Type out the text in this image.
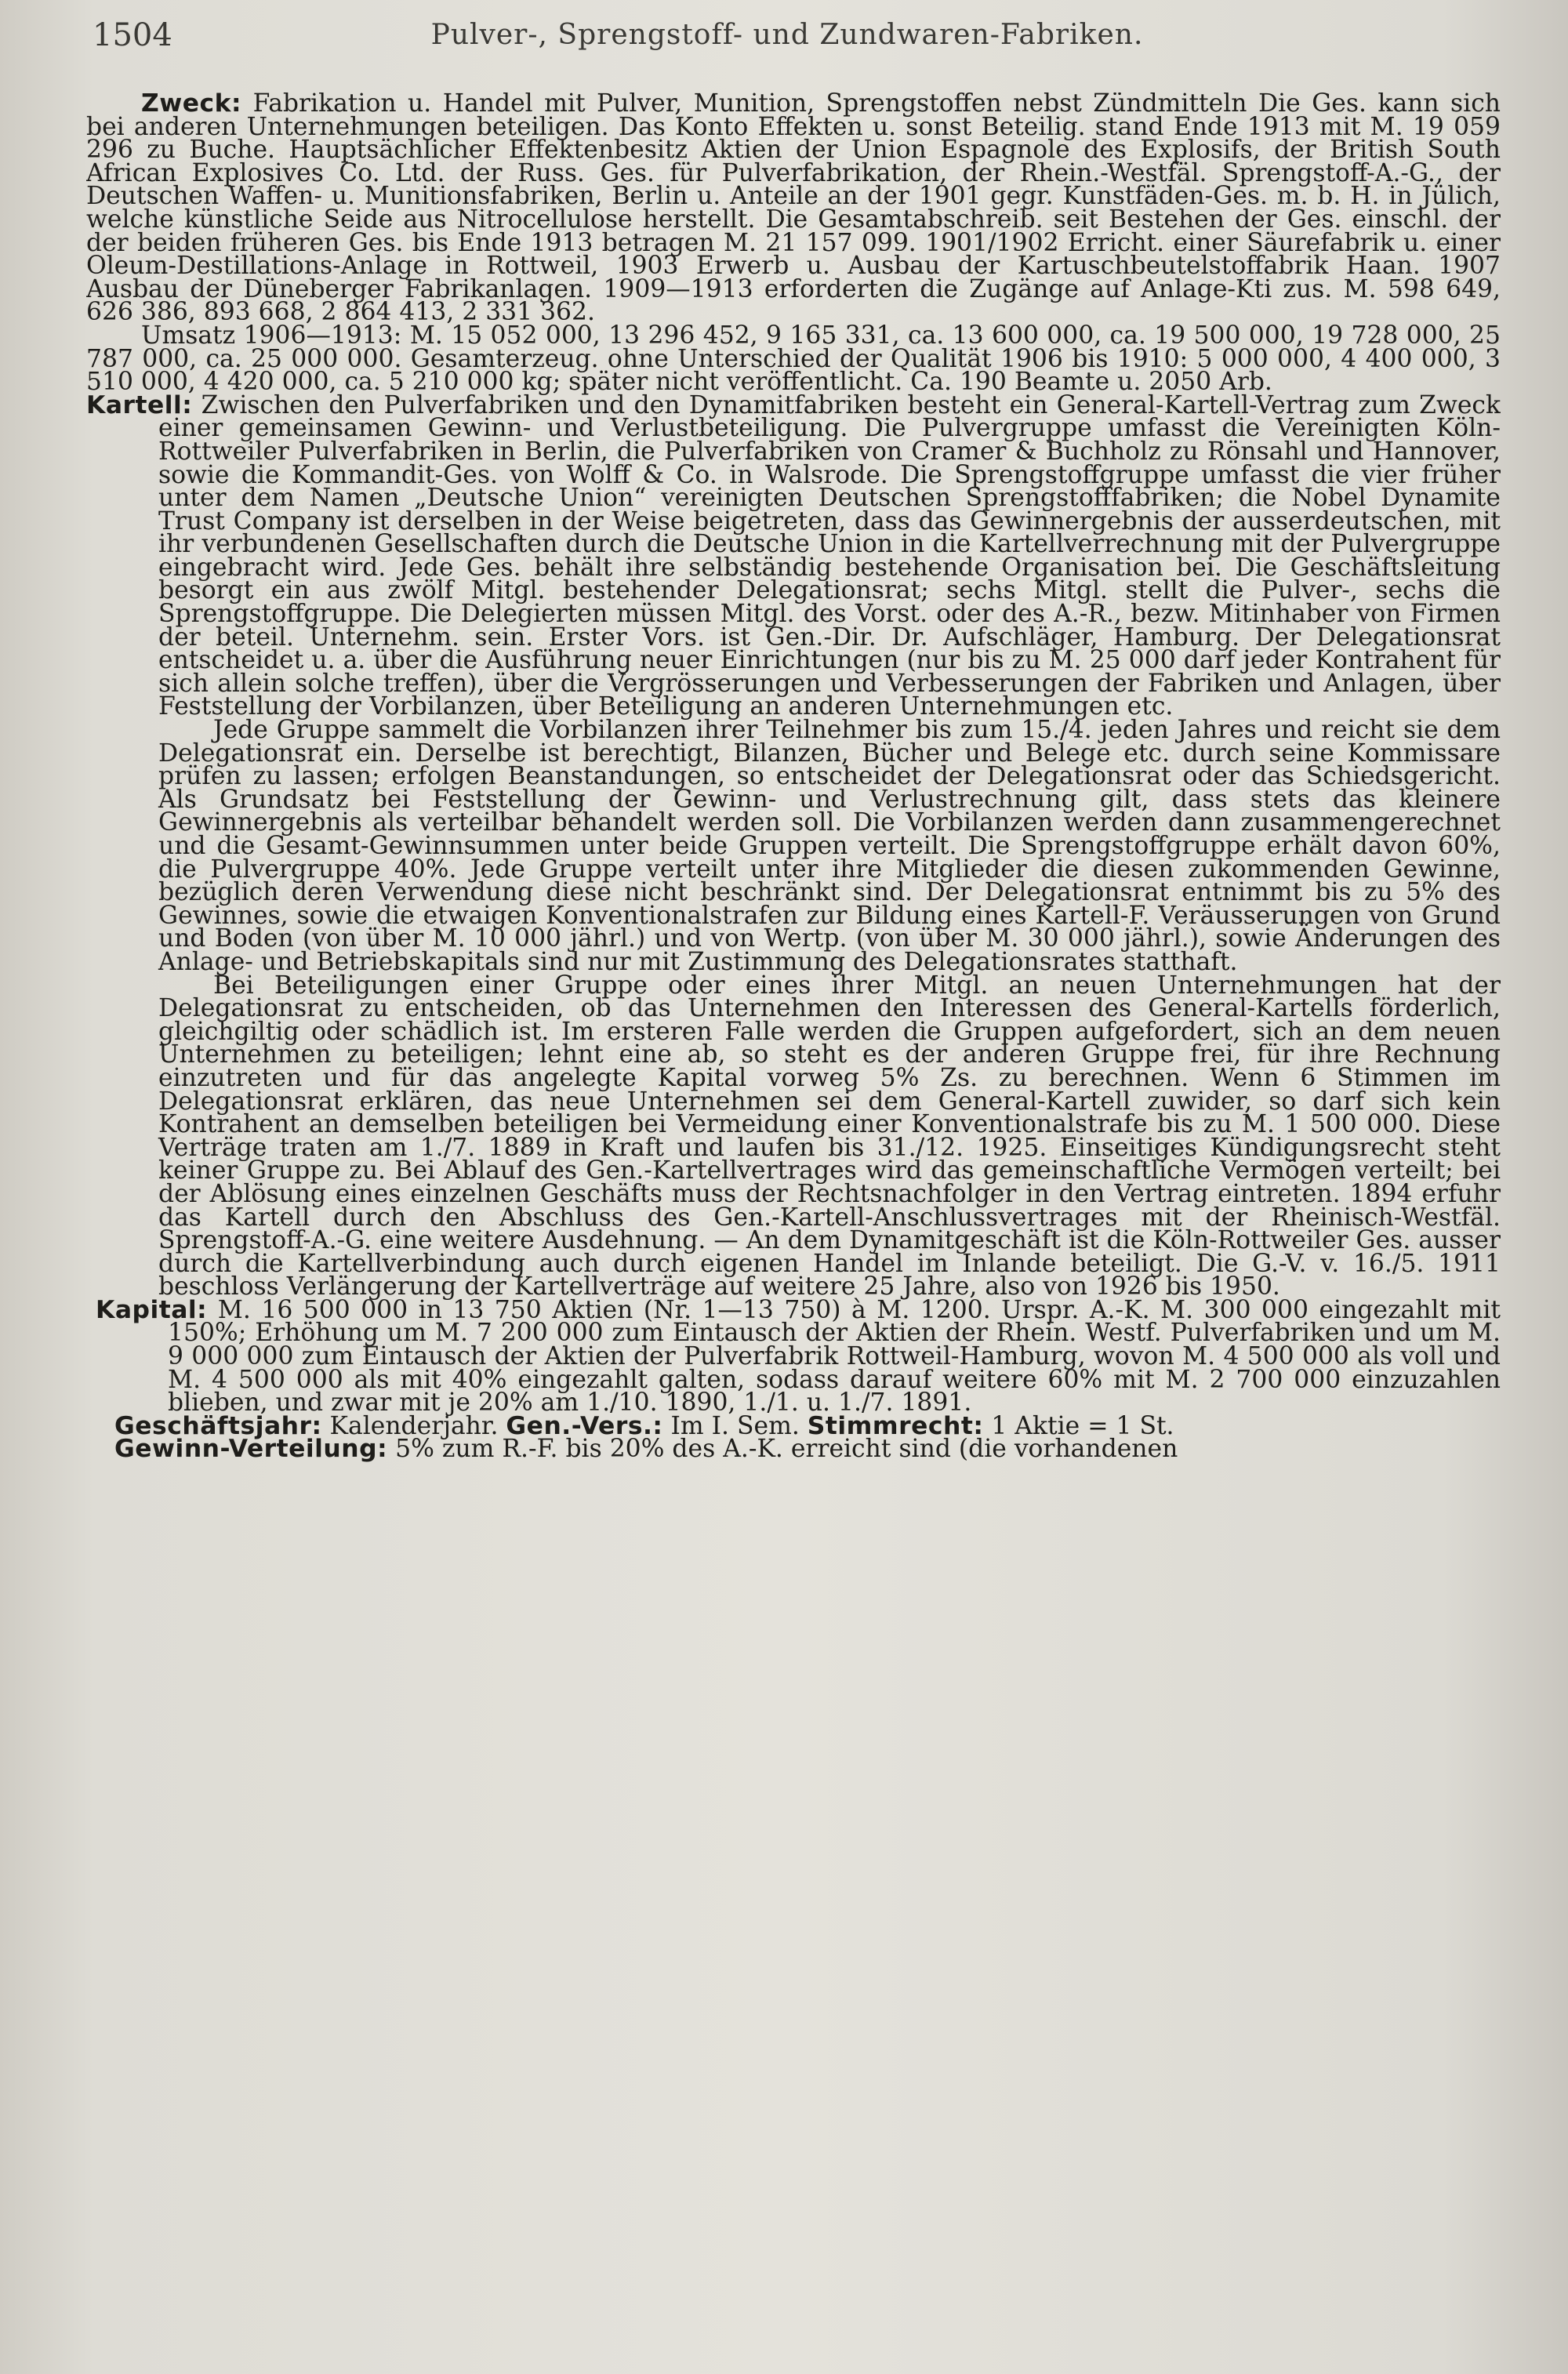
1504	Pulver-, Sprengstoff- und Zundwaren-Fabriken.

Zweck: Fabrikation u. Handel mit Pulver, Munition, Sprengstoffen nebst Zündmitteln Die Ges. kann sich bei anderen Unternehmungen beteiligen. Das Konto Effekten u. sonst Beteilig. stand Ende 1913 mit M. 19 059 296 zu Buche. Hauptsächlicher Effektenbesitz Aktien der Union Espagnole des Explosifs, der British South African Explosives Co. Ltd. der Russ. Ges. für Pulverfabrikation, der Rhein.-Westfäl. Sprengstoff-A.-G., der Deutschen Waffen- u. Munitionsfabriken, Berlin u. Anteile an der 1901 gegr. Kunstfäden-Ges. m. b. H. in Jülich, welche künstliche Seide aus Nitrocellulose herstellt. Die Gesamtabschreib. seit Bestehen der Ges. einschl. der der beiden früheren Ges. bis Ende 1913 betragen M. 21 157 099. 1901/1902 Erricht. einer Säurefabrik u. einer Oleum-Destillations-Anlage in Rottweil, 1903 Erwerb u. Ausbau der Kartuschbeutelstoffabrik Haan. 1907 Ausbau der Düneberger Fabrikanlagen. 1909—1913 erforderten die Zugänge auf Anlage-Kti zus. M. 598 649, 626 386, 893 668, 2 864 413, 2 331 362.

Umsatz 1906—1913: M. 15 052 000, 13 296 452, 9 165 331, ca. 13 600 000, ca. 19 500 000, 19 728 000, 25 787 000, ca. 25 000 000. Gesamterzeug. ohne Unterschied der Qualität 1906 bis 1910: 5 000 000, 4 400 000, 3 510 000, 4 420 000, ca. 5 210 000 kg; später nicht veröffentlicht. Ca. 190 Beamte u. 2050 Arb.

Kartell: Zwischen den Pulverfabriken und den Dynamitfabriken besteht ein General-Kartell-Vertrag zum Zweck einer gemeinsamen Gewinn- und Verlustbeteiligung. Die Pulvergruppe umfasst die Vereinigten Köln-Rottweiler Pulverfabriken in Berlin, die Pulverfabriken von Cramer & Buchholz zu Rönsahl und Hannover, sowie die Kommandit-Ges. von Wolff & Co. in Walsrode. Die Sprengstoffgruppe umfasst die vier früher unter dem Namen „Deutsche Union“ vereinigten Deutschen Sprengstofffabriken; die Nobel Dynamite Trust Company ist derselben in der Weise beigetreten, dass das Gewinnergebnis der ausserdeutschen, mit ihr verbundenen Gesellschaften durch die Deutsche Union in die Kartellverrechnung mit der Pulvergruppe eingebracht wird. Jede Ges. behält ihre selbständig bestehende Organisation bei. Die Geschäftsleitung besorgt ein aus zwölf Mitgl. bestehender Delegationsrat; sechs Mitgl. stellt die Pulver-, sechs die Sprengstoffgruppe. Die Delegierten müssen Mitgl. des Vorst. oder des A.-R., bezw. Mitinhaber von Firmen der beteil. Unternehm. sein. Erster Vors. ist Gen.-Dir. Dr. Aufschläger, Hamburg. Der Delegationsrat entscheidet u. a. über die Ausführung neuer Einrichtungen (nur bis zu M. 25 000 darf jeder Kontrahent für sich allein solche treffen), über die Vergrösserungen und Verbesserungen der Fabriken und Anlagen, über Feststellung der Vorbilanzen, über Beteiligung an anderen Unternehmungen etc.

Jede Gruppe sammelt die Vorbilanzen ihrer Teilnehmer bis zum 15./4. jeden Jahres und reicht sie dem Delegationsrat ein. Derselbe ist berechtigt, Bilanzen, Bücher und Belege etc. durch seine Kommissare prüfen zu lassen; erfolgen Beanstandungen, so entscheidet der Delegationsrat oder das Schiedsgericht. Als Grundsatz bei Feststellung der Gewinn- und Verlustrechnung gilt, dass stets das kleinere Gewinnergebnis als verteilbar behandelt werden soll. Die Vorbilanzen werden dann zusammengerechnet und die Gesamt-Gewinnsummen unter beide Gruppen verteilt. Die Sprengstoffgruppe erhält davon 60%, die Pulvergruppe 40%. Jede Gruppe verteilt unter ihre Mitglieder die diesen zukommenden Gewinne, bezüglich deren Verwendung diese nicht beschränkt sind. Der Delegationsrat entnimmt bis zu 5% des Gewinnes, sowie die etwaigen Konventionalstrafen zur Bildung eines Kartell-F. Veräusserungen von Grund und Boden (von über M. 10 000 jährl.) und von Wertp. (von über M. 30 000 jährl.), sowie Änderungen des Anlage- und Betriebskapitals sind nur mit Zustimmung des Delegationsrates statthaft.

Bei Beteiligungen einer Gruppe oder eines ihrer Mitgl. an neuen Unternehmungen hat der Delegationsrat zu entscheiden, ob das Unternehmen den Interessen des General-Kartells förderlich, gleichgiltig oder schädlich ist. Im ersteren Falle werden die Gruppen aufgefordert, sich an dem neuen Unternehmen zu beteiligen; lehnt eine ab, so steht es der anderen Gruppe frei, für ihre Rechnung einzutreten und für das angelegte Kapital vorweg 5% Zs. zu berechnen. Wenn 6 Stimmen im Delegationsrat erklären, das neue Unternehmen sei dem General-Kartell zuwider, so darf sich kein Kontrahent an demselben beteiligen bei Vermeidung einer Konventionalstrafe bis zu M. 1 500 000. Diese Verträge traten am 1./7. 1889 in Kraft und laufen bis 31./12. 1925. Einseitiges Kündigungsrecht steht keiner Gruppe zu. Bei Ablauf des Gen.-Kartellvertrages wird das gemeinschaftliche Vermögen verteilt; bei der Ablösung eines einzelnen Geschäfts muss der Rechtsnachfolger in den Vertrag eintreten. 1894 erfuhr das Kartell durch den Abschluss des Gen.-Kartell-Anschlussvertrages mit der Rheinisch-Westfäl. Sprengstoff-A.-G. eine weitere Ausdehnung. — An dem Dynamitgeschäft ist die Köln-Rottweiler Ges. ausser durch die Kartellverbindung auch durch eigenen Handel im Inlande beteiligt. Die G.-V. v. 16./5. 1911 beschloss Verlängerung der Kartellverträge auf weitere 25 Jahre, also von 1926 bis 1950.

Kapital: M. 16 500 000 in 13 750 Aktien (Nr. 1—13 750) à M. 1200. Urspr. A.-K. M. 300 000 eingezahlt mit 150%; Erhöhung um M. 7 200 000 zum Eintausch der Aktien der Rhein. Westf. Pulverfabriken und um M. 9 000 000 zum Eintausch der Aktien der Pulverfabrik Rottweil-Hamburg, wovon M. 4 500 000 als voll und M. 4 500 000 als mit 40% eingezahlt galten, sodass darauf weitere 60% mit M. 2 700 000 einzuzahlen blieben, und zwar mit je 20% am 1./10. 1890, 1./1. u. 1./7. 1891.

Geschäftsjahr: Kalenderjahr. Gen.-Vers.: Im I. Sem. Stimmrecht: 1 Aktie = 1 St.

Gewinn-Verteilung: 5% zum R.-F. bis 20% des A.-K. erreicht sind (die vorhandenen
